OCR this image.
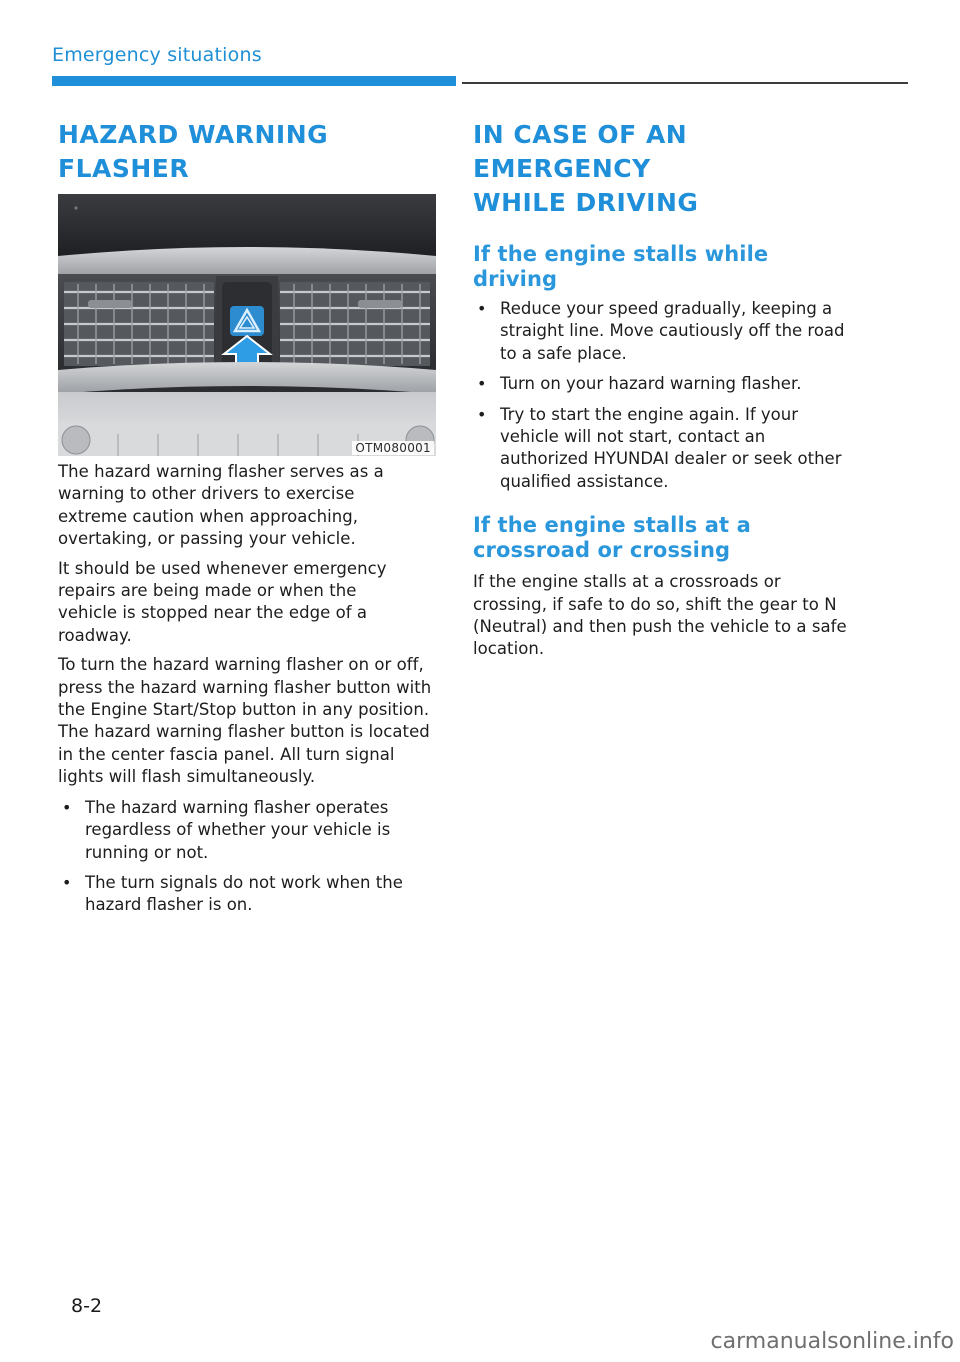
Emergency situations
HAZARD WARNING
FLASHER
OTM080001

The hazard warning flasher serves as a warning to other drivers to exercise extreme caution when approaching, overtaking, or passing your vehicle.

It should be used whenever emergency repairs are being made or when the vehicle is stopped near the edge of a roadway.

To turn the hazard warning flasher on or off, press the hazard warning flasher button with the Engine Start/Stop button in any position. The hazard warning flasher button is located in the center fascia panel. All turn signal lights will flash simultaneously.

• The hazard warning flasher operates regardless of whether your vehicle is running or not.
• The turn signals do not work when the hazard flasher is on.
IN CASE OF AN EMERGENCY
WHILE DRIVING
If the engine stalls while driving
• Reduce your speed gradually, keeping a straight line. Move cautiously off the road to a safe place.
• Turn on your hazard warning flasher.
• Try to start the engine again. If your vehicle will not start, contact an authorized HYUNDAI dealer or seek other qualified assistance.
If the engine stalls at a crossroad or crossing

If the engine stalls at a crossroads or crossing, if safe to do so, shift the gear to N (Neutral) and then push the vehicle to a safe location.

8-2
carmanualsonline.info
